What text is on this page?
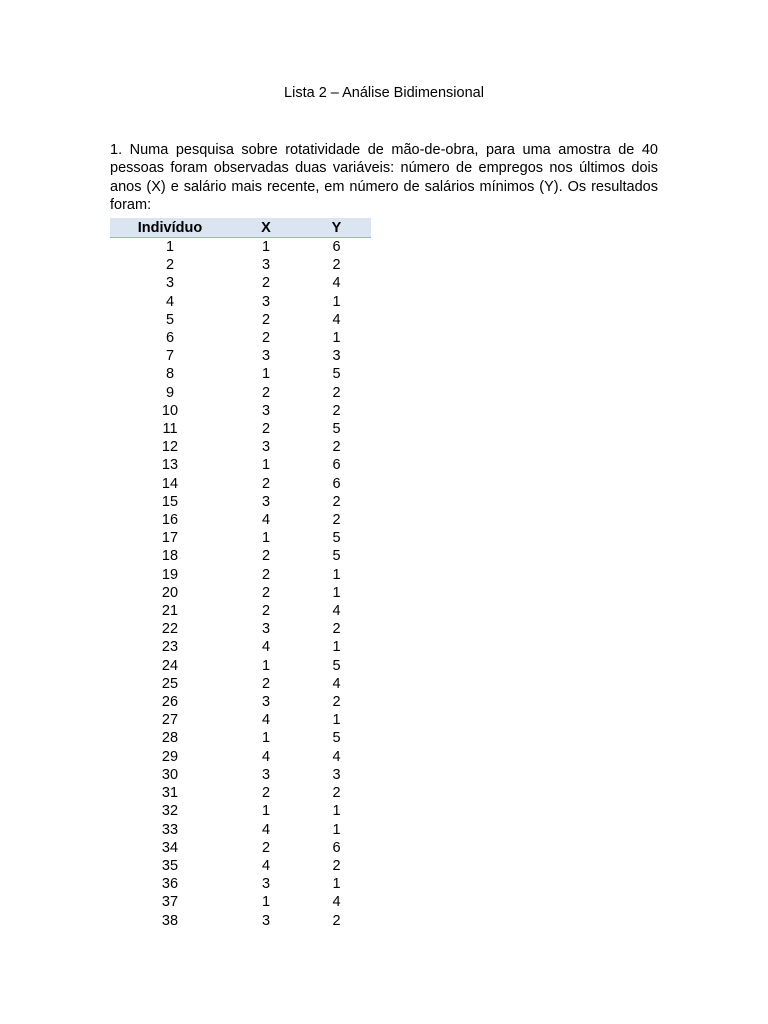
Lista 2 – Análise Bidimensional

1. Numa pesquisa sobre rotatividade de mão-de-obra, para uma amostra de 40 pessoas foram observadas duas variáveis: número de empregos nos últimos dois anos (X) e salário mais recente, em número de salários mínimos (Y). Os resultados foram:

Indivíduo	X	Y
1	1	6
2	3	2
3	2	4
4	3	1
5	2	4
6	2	1
7	3	3
8	1	5
9	2	2
10	3	2
11	2	5
12	3	2
13	1	6
14	2	6
15	3	2
16	4	2
17	1	5
18	2	5
19	2	1
20	2	1
21	2	4
22	3	2
23	4	1
24	1	5
25	2	4
26	3	2
27	4	1
28	1	5
29	4	4
30	3	3
31	2	2
32	1	1
33	4	1
34	2	6
35	4	2
36	3	1
37	1	4
38	3	2
